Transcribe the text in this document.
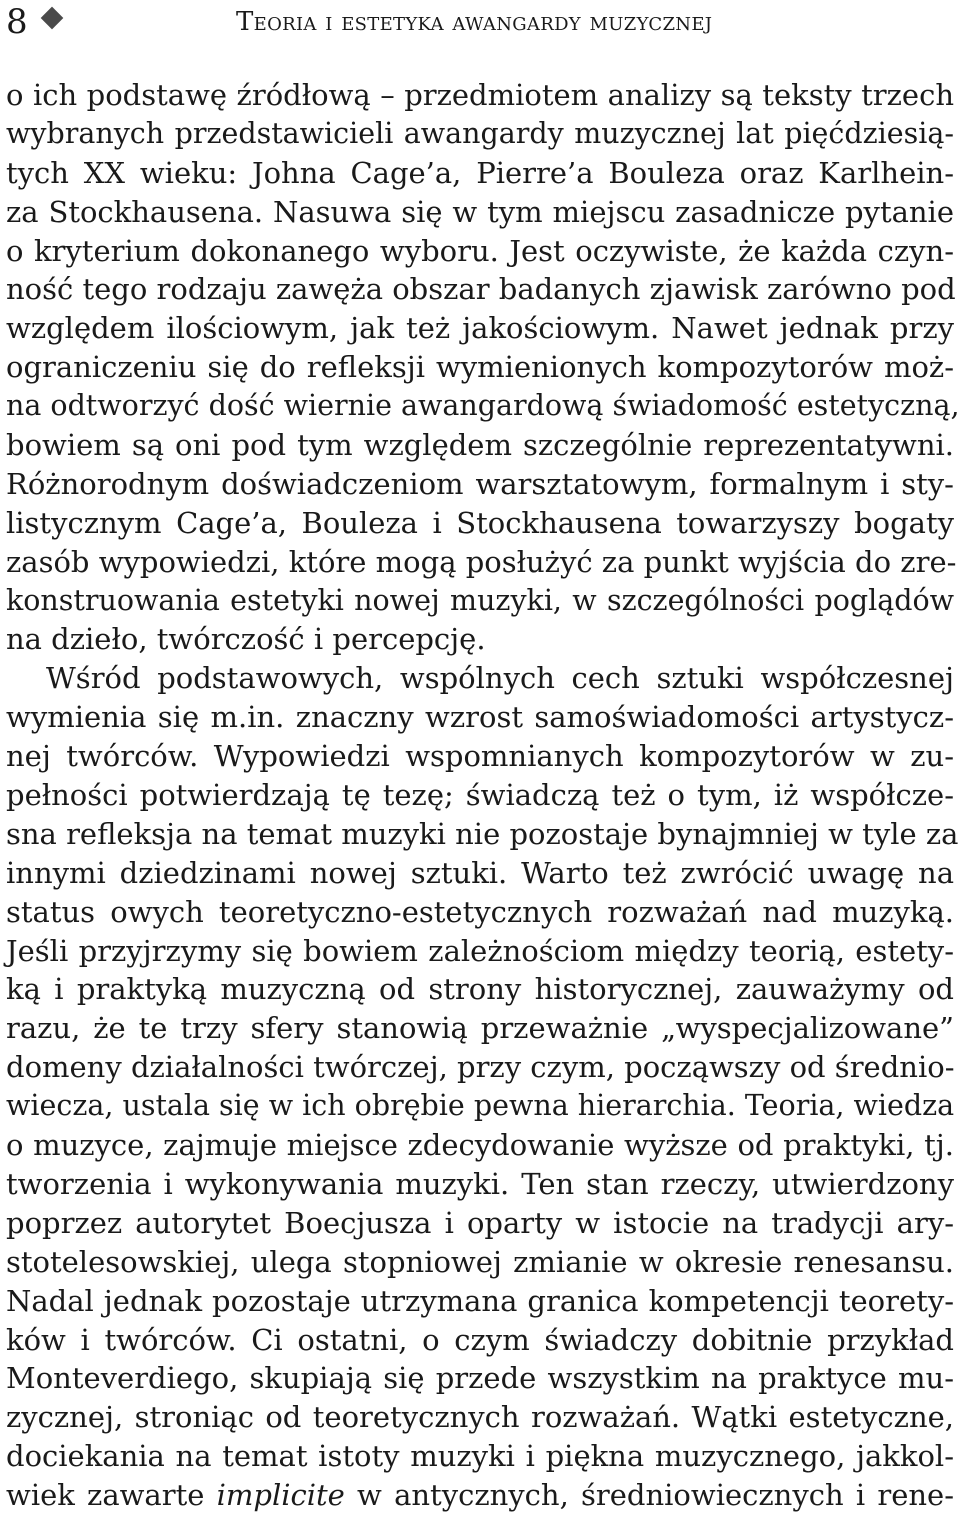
8	Teoria i estetyka awangardy muzycznej
o ich podstawę źródłową – przedmiotem analizy są teksty trzech
wybranych przedstawicieli awangardy muzycznej lat pięćdziesią-
tych XX wieku: Johna Cage’a, Pierre’a Bouleza oraz Karlhein-
za Stockhausena. Nasuwa się w tym miejscu zasadnicze pytanie
o kryterium dokonanego wyboru. Jest oczywiste, że każda czyn-
ność tego rodzaju zawęża obszar badanych zjawisk zarówno pod
względem ilościowym, jak też jakościowym. Nawet jednak przy
ograniczeniu się do refleksji wymienionych kompozytorów moż-
na odtworzyć dość wiernie awangardową świadomość estetyczną,
bowiem są oni pod tym względem szczególnie reprezentatywni.
Różnorodnym doświadczeniom warsztatowym, formalnym i sty-
listycznym Cage’a, Bouleza i Stockhausena towarzyszy bogaty
zasób wypowiedzi, które mogą posłużyć za punkt wyjścia do zre-
konstruowania estetyki nowej muzyki, w szczególności poglądów
na dzieło, twórczość i percepcję.
Wśród podstawowych, wspólnych cech sztuki współczesnej
wymienia się m.in. znaczny wzrost samoświadomości artystycz-
nej twórców. Wypowiedzi wspomnianych kompozytorów w zu-
pełności potwierdzają tę tezę; świadczą też o tym, iż współcze-
sna refleksja na temat muzyki nie pozostaje bynajmniej w tyle za
innymi dziedzinami nowej sztuki. Warto też zwrócić uwagę na
status owych teoretyczno-estetycznych rozważań nad muzyką.
Jeśli przyjrzymy się bowiem zależnościom między teorią, estety-
ką i praktyką muzyczną od strony historycznej, zauważymy od
razu, że te trzy sfery stanowią przeważnie „wyspecjalizowane”
domeny działalności twórczej, przy czym, począwszy od średnio-
wiecza, ustala się w ich obrębie pewna hierarchia. Teoria, wiedza
o muzyce, zajmuje miejsce zdecydowanie wyższe od praktyki, tj.
tworzenia i wykonywania muzyki. Ten stan rzeczy, utwierdzony
poprzez autorytet Boecjusza i oparty w istocie na tradycji ary-
stotelesowskiej, ulega stopniowej zmianie w okresie renesansu.
Nadal jednak pozostaje utrzymana granica kompetencji teorety-
ków i twórców. Ci ostatni, o czym świadczy dobitnie przykład
Monteverdiego, skupiają się przede wszystkim na praktyce mu-
zycznej, stroniąc od teoretycznych rozważań. Wątki estetyczne,
dociekania na temat istoty muzyki i piękna muzycznego, jakkol-
wiek zawarte implicite w antycznych, średniowiecznych i rene-
